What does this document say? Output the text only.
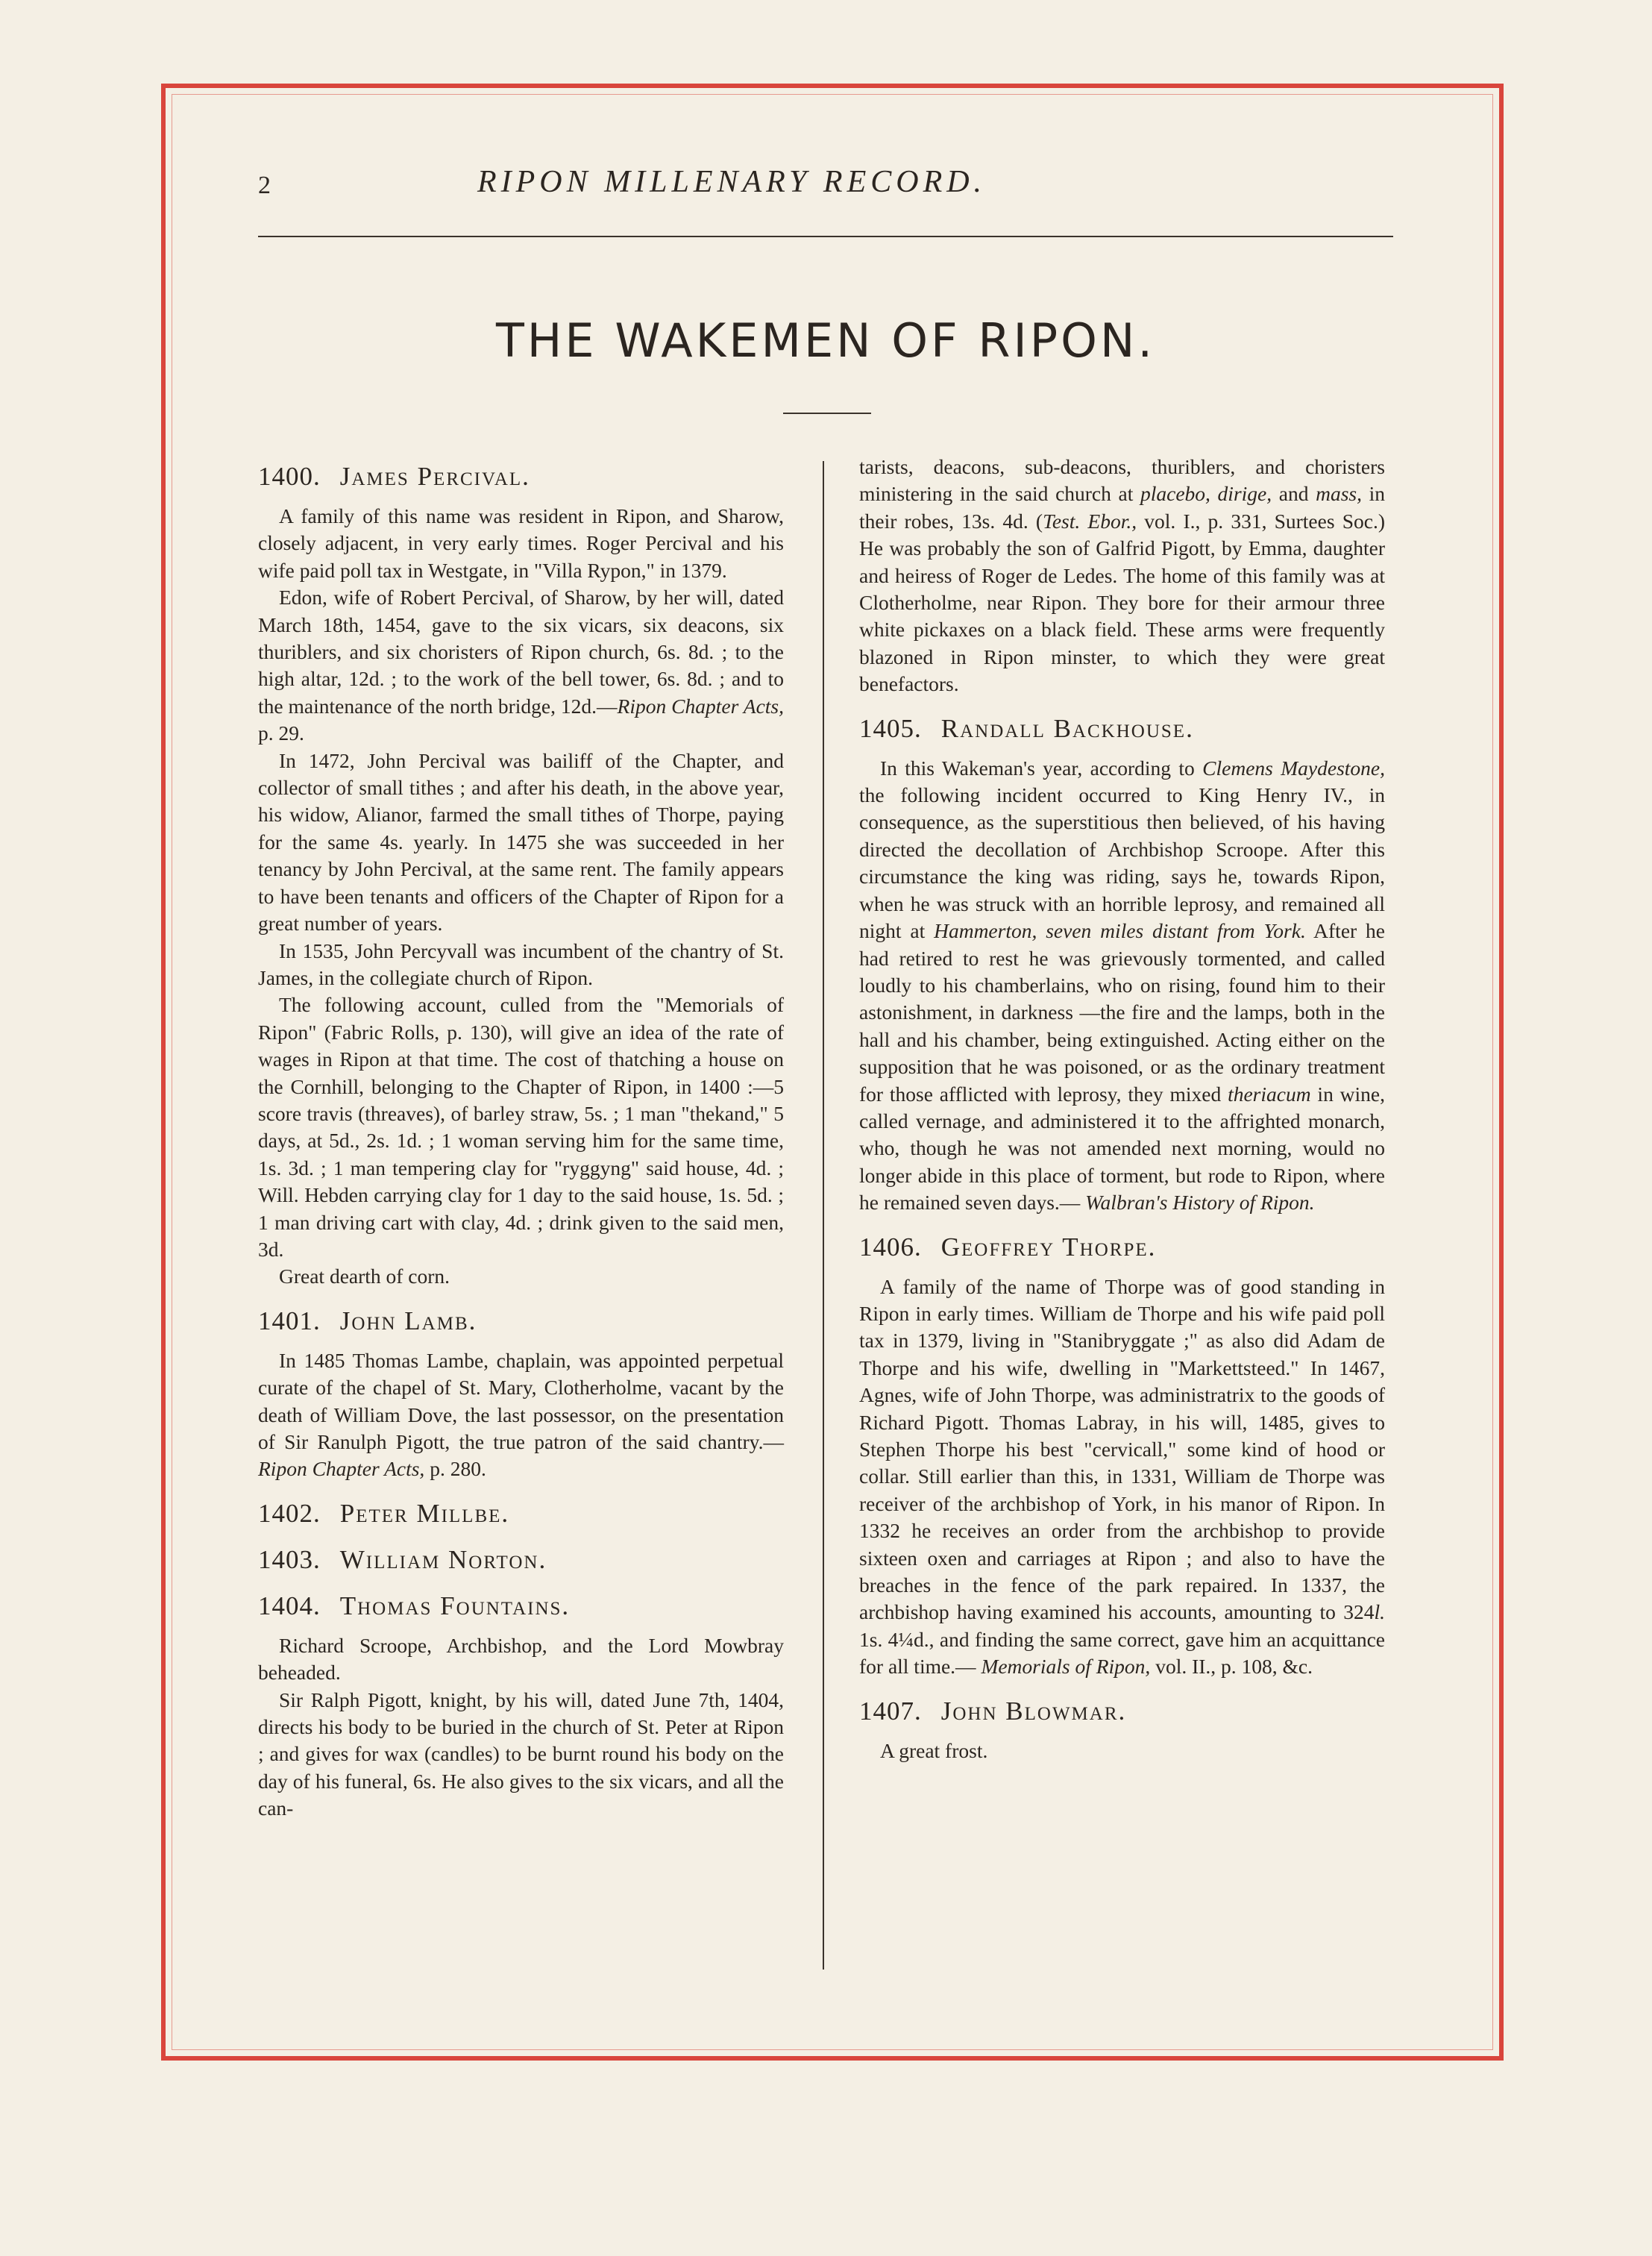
2	RIPON MILLENARY RECORD.
THE WAKEMEN OF RIPON.
1400. James Percival.

A family of this name was resident in Ripon, and Sharow, closely adjacent, in very early times. Roger Percival and his wife paid poll tax in Westgate, in "Villa Rypon," in 1379.

Edon, wife of Robert Percival, of Sharow, by her will, dated March 18th, 1454, gave to the six vicars, six deacons, six thuriblers, and six choristers of Ripon church, 6s. 8d. ; to the high altar, 12d. ; to the work of the bell tower, 6s. 8d. ; and to the maintenance of the north bridge, 12d.—Ripon Chapter Acts, p. 29.

In 1472, John Percival was bailiff of the Chapter, and collector of small tithes ; and after his death, in the above year, his widow, Alianor, farmed the small tithes of Thorpe, paying for the same 4s. yearly. In 1475 she was succeeded in her tenancy by John Percival, at the same rent. The family appears to have been tenants and officers of the Chapter of Ripon for a great number of years.

In 1535, John Percyvall was incumbent of the chantry of St. James, in the collegiate church of Ripon.

The following account, culled from the "Memorials of Ripon" (Fabric Rolls, p. 130), will give an idea of the rate of wages in Ripon at that time. The cost of thatching a house on the Cornhill, belonging to the Chapter of Ripon, in 1400 :—5 score travis (threaves), of barley straw, 5s. ; 1 man "thekand," 5 days, at 5d., 2s. 1d. ; 1 woman serving him for the same time, 1s. 3d. ; 1 man tempering clay for "ryggyng" said house, 4d. ; Will. Hebden carrying clay for 1 day to the said house, 1s. 5d. ; 1 man driving cart with clay, 4d. ; drink given to the said men, 3d.

Great dearth of corn.

1401. John Lamb.

In 1485 Thomas Lambe, chaplain, was appointed perpetual curate of the chapel of St. Mary, Clotherholme, vacant by the death of William Dove, the last possessor, on the presentation of Sir Ranulph Pigott, the true patron of the said chantry.—Ripon Chapter Acts, p. 280.

1402. Peter Millbe.
1403. William Norton.
1404. Thomas Fountains.

Richard Scroope, Archbishop, and the Lord Mowbray beheaded.

Sir Ralph Pigott, knight, by his will, dated June 7th, 1404, directs his body to be buried in the church of St. Peter at Ripon ; and gives for wax (candles) to be burnt round his body on the day of his funeral, 6s. He also gives to the six vicars, and all the can-

tarists, deacons, sub-deacons, thuriblers, and choristers ministering in the said church at placebo, dirige, and mass, in their robes, 13s. 4d. (Test. Ebor., vol. I., p. 331, Surtees Soc.) He was probably the son of Galfrid Pigott, by Emma, daughter and heiress of Roger de Ledes. The home of this family was at Clotherholme, near Ripon. They bore for their armour three white pickaxes on a black field. These arms were frequently blazoned in Ripon minster, to which they were great benefactors.

1405. Randall Backhouse.

In this Wakeman's year, according to Clemens Maydestone, the following incident occurred to King Henry IV., in consequence, as the superstitious then believed, of his having directed the decollation of Archbishop Scroope. After this circumstance the king was riding, says he, towards Ripon, when he was struck with an horrible leprosy, and remained all night at Hammerton, seven miles distant from York. After he had retired to rest he was grievously tormented, and called loudly to his chamberlains, who on rising, found him to their astonishment, in darkness —the fire and the lamps, both in the hall and his chamber, being extinguished. Acting either on the supposition that he was poisoned, or as the ordinary treatment for those afflicted with leprosy, they mixed theriacum in wine, called vernage, and administered it to the affrighted monarch, who, though he was not amended next morning, would no longer abide in this place of torment, but rode to Ripon, where he remained seven days.— Walbran's History of Ripon.

1406. Geoffrey Thorpe.

A family of the name of Thorpe was of good standing in Ripon in early times. William de Thorpe and his wife paid poll tax in 1379, living in "Stanibryggate ;" as also did Adam de Thorpe and his wife, dwelling in "Markettsteed." In 1467, Agnes, wife of John Thorpe, was administratrix to the goods of Richard Pigott. Thomas Labray, in his will, 1485, gives to Stephen Thorpe his best "cervicall," some kind of hood or collar. Still earlier than this, in 1331, William de Thorpe was receiver of the archbishop of York, in his manor of Ripon. In 1332 he receives an order from the archbishop to provide sixteen oxen and carriages at Ripon ; and also to have the breaches in the fence of the park repaired. In 1337, the archbishop having examined his accounts, amounting to 324l. 1s. 4¼d., and finding the same correct, gave him an acquittance for all time.— Memorials of Ripon, vol. II., p. 108, &c.

1407. John Blowmar.

A great frost.
